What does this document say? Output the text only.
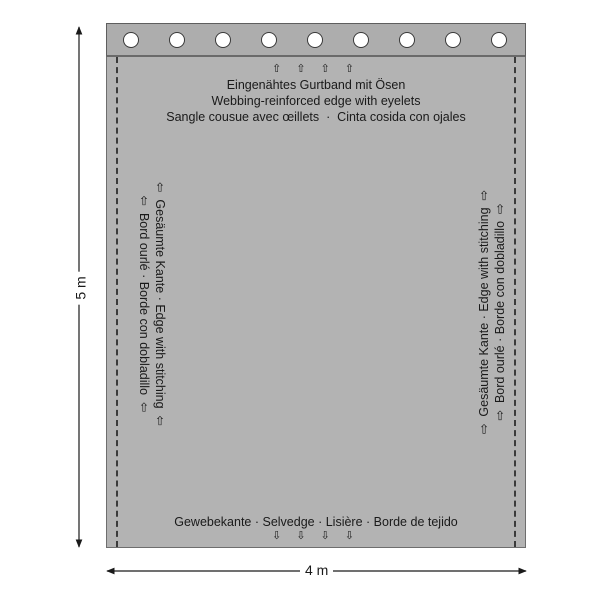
⇧ ⇧ ⇧ ⇧
Eingenähtes Gurtband mit Ösen
Webbing-reinforced edge with eyelets
Sangle cousue avec œillets  ·  Cinta cosida con ojales
⇦  Gesäumte Kante · Edge with stitching  ⇦
⇦  Bord ourlé · Borde con dobladillo  ⇦	⇨  Gesäumte Kante · Edge with stitching  ⇨ ⇨  Bord ourlé · Borde con dobladillo  ⇨
Gewebekante · Selvedge · Lisière · Borde de tejido
⇩ ⇩ ⇩ ⇩
5 m
4 m
